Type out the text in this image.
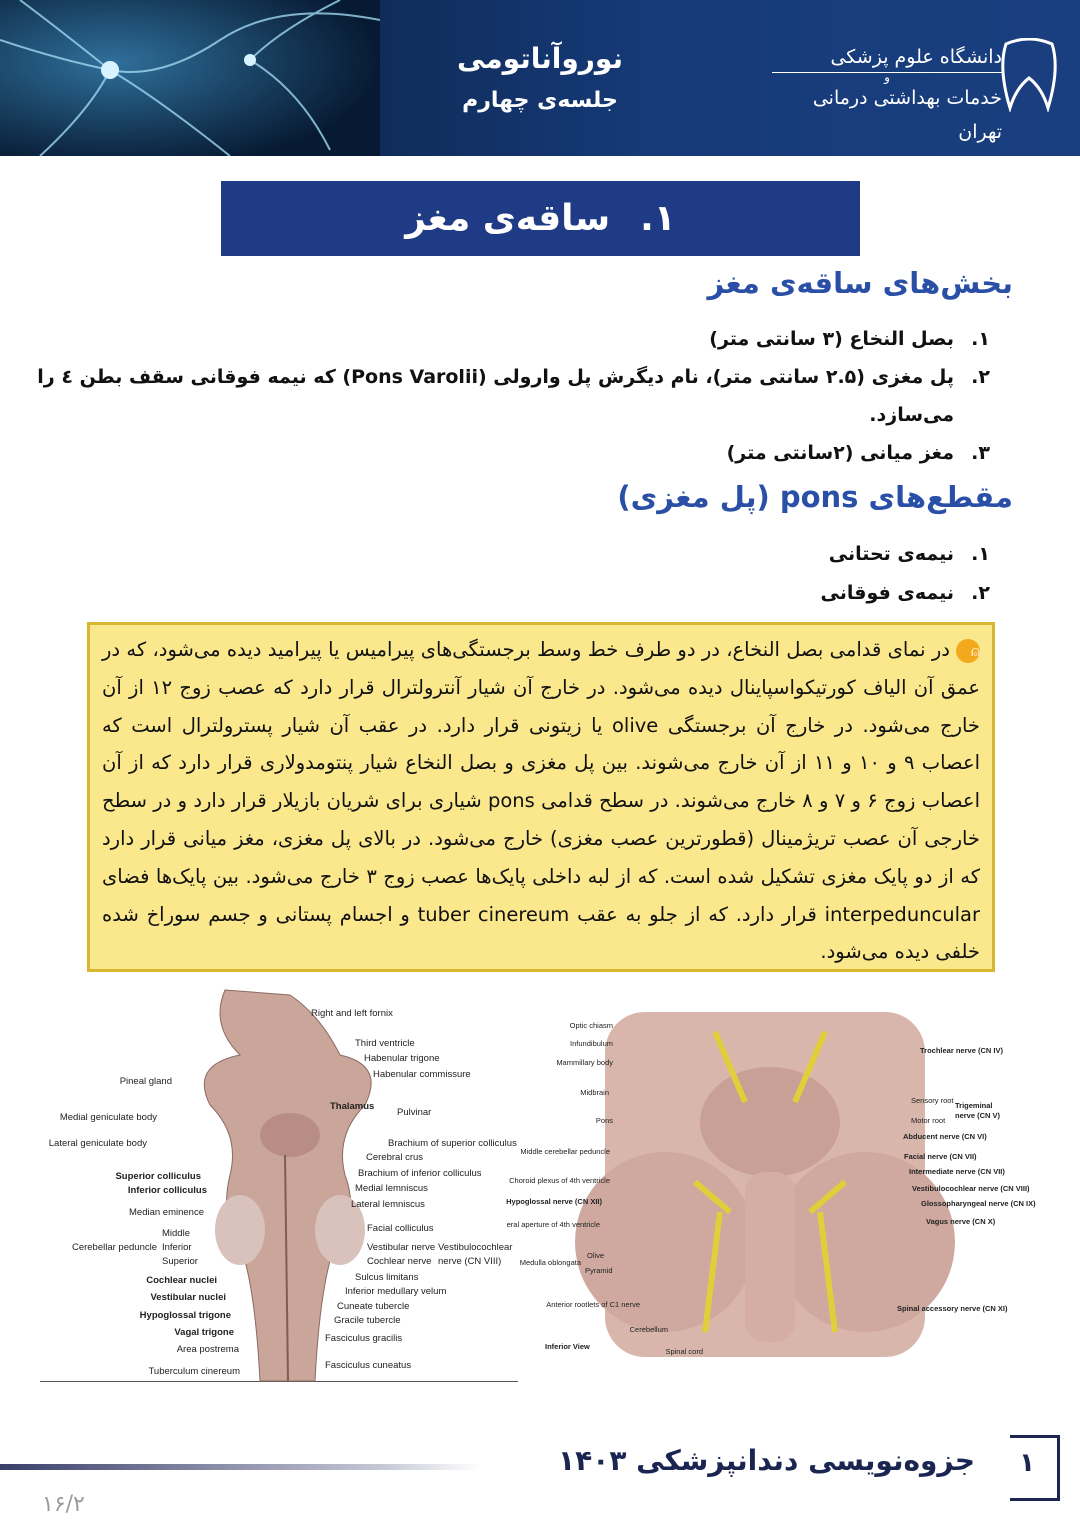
نوروآناتومی
جلسه‌ی چهارم
دانشگاه علوم پزشکی
و
خدمات بهداشتی درمانی تهران
۱.
ساقه‌ی مغز
بخش‌های ساقه‌ی مغز
۱.
بصل النخاع (۳ سانتی متر)
۲.
پل مغزی (۲.۵ سانتی متر)، نام دیگرش پل وارولی (Pons Varolii) که نیمه فوقانی سقف بطن ٤ را
می‌سازد.
۳.
مغز میانی (۲سانتی متر)
مقطع‌های pons (پل مغزی)
۱.
نیمه‌ی تحتانی
۲.
نیمه‌ی فوقانی
⍝در نمای قدامی بصل النخاع، در دو طرف خط وسط برجستگی‌های پیرامیس یا پیرامید دیده می‌شود، که در عمق آن الیاف کورتیکواسپاینال دیده می‌شود. در خارج آن شیار آنترولترال قرار دارد که عصب زوج ۱۲ از آن خارج می‌شود. در خارج آن برجستگی olive یا زیتونی قرار دارد. در عقب آن شیار پسترولترال است که اعصاب ۹ و ۱۰ و ۱۱ از آن خارج می‌شوند. بین پل مغزی و بصل النخاع شیار پنتومدولاری قرار دارد که از آن اعصاب زوج ۶ و ۷ و ۸ خارج می‌شوند. در سطح قدامی pons شیاری برای شریان بازیلار قرار دارد و در سطح خارجی آن عصب تریژمینال (قطورترین عصب مغزی) خارج می‌شود. در بالای پل مغزی، مغز میانی قرار دارد که از دو پایک مغزی تشکیل شده است. که از لبه داخلی پایک‌ها عصب زوج ۳ خارج می‌شود. بین پایک‌ها فضای interpeduncular قرار دارد. که از جلو به عقب tuber cinereum و اجسام پستانی و جسم سوراخ شده خلفی دیده می‌شود.
Right and left fornix
Third ventricle
Habenular trigone
Habenular commissure
Thalamus
Pulvinar
Brachium of superior colliculus
Cerebral crus
Brachium of inferior colliculus
Medial lemniscus
Lateral lemniscus
Facial colliculus
Vestibular nerve
Cochlear nerve
Vestibulocochlear
nerve (CN VIII)
Sulcus limitans
Inferior medullary velum
Cuneate tubercle
Gracile tubercle
Fasciculus gracilis
Fasciculus cuneatus
Pineal gland
Medial geniculate body
Lateral geniculate body
Superior colliculus
Inferior colliculus
Median eminence
Middle
Inferior
Superior
Cerebellar peduncle
Cochlear nuclei
Vestibular nuclei
Hypoglossal trigone
Vagal trigone
Area postrema
Tuberculum cinereum
Optic chiasm
Infundibulum
Mammillary body
Midbrain
Pons
Middle cerebellar peduncle
Choroid plexus of 4th ventricle
Hypoglossal nerve (CN XII)
eral aperture of 4th ventricle
Medulla oblongata
Olive
Pyramid
Anterior rootlets of C1 nerve
Cerebellum
Inferior View
Spinal cord
Trochlear nerve (CN IV)
Sensory root
Motor root
Trigeminal
nerve (CN V)
Abducent nerve (CN VI)
Facial nerve (CN VII)
Intermediate nerve (CN VII)
Vestibulocochlear nerve (CN VIII)
Glossopharyngeal nerve (CN IX)
Vagus nerve (CN X)
Spinal accessory nerve (CN XI)
جزوه‌نویسی دندانپزشکی ۱۴۰۳	۱
۱۶/۲
